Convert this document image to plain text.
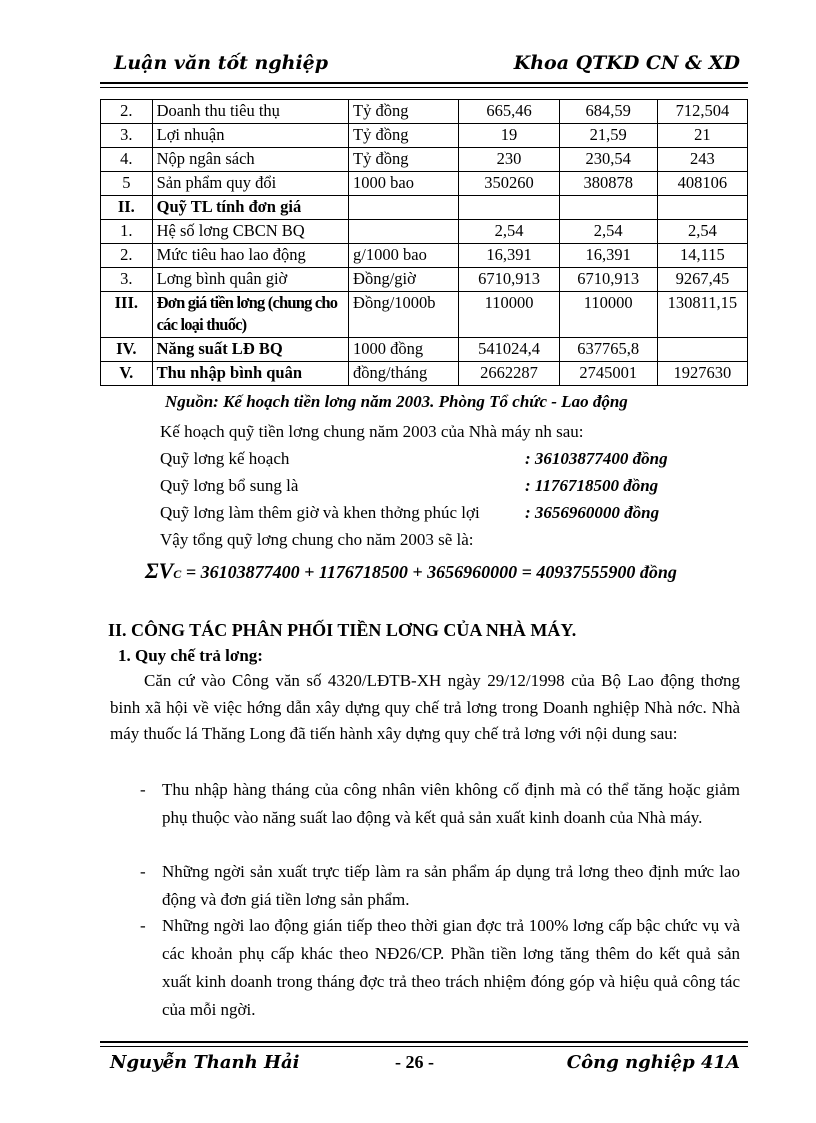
Luận văn tốt nghiệp	Khoa QTKD CN & XD
2.	Doanh thu tiêu thụ	Tỷ đồng	665,46	684,59	712,504
3.	Lợi nhuận	Tỷ đồng	19	21,59	21
4.	Nộp ngân sách	Tỷ đồng	230	230,54	243
5	Sản phẩm quy đổi	1000 bao	350260	380878	408106
II.	Quỹ TL tính đơn giá				
1.	Hệ số lơng CBCN BQ		2,54	2,54	2,54
2.	Mức tiêu hao lao động	g/1000 bao	16,391	16,391	14,115
3.	Lơng bình quân giờ	Đồng/giờ	6710,913	6710,913	9267,45
III.	Đơn giá tiền lơng (chung cho các loại thuốc)	Đồng/1000b	110000	110000	130811,15
IV.	Năng suất LĐ BQ	1000 đồng	541024,4	637765,8	
V.	Thu nhập bình quân	đồng/tháng	2662287	2745001	1927630
Nguồn: Kế hoạch tiền lơng năm 2003. Phòng Tổ chức - Lao động
Kế hoạch quỹ tiền lơng chung năm 2003 của Nhà máy nh sau:
Quỹ lơng kế hoạch	: 36103877400 đồng
Quỹ lơng bổ sung là	: 1176718500 đồng
Quỹ lơng làm thêm giờ và khen thởng phúc lợi	: 3656960000 đồng
Vậy tổng quỹ lơng chung cho năm 2003 sẽ là:
ΣVC = 36103877400 + 1176718500 + 3656960000 = 40937555900 đồng
II. CÔNG TÁC PHÂN PHỐI TIỀN LƠNG CỦA NHÀ MÁY.
1. Quy chế trả lơng:
Căn cứ vào Công văn số 4320/LĐTB-XH ngày 29/12/1998 của Bộ Lao động thơng binh xã hội về việc hớng dẫn xây dựng quy chế trả lơng trong Doanh nghiệp Nhà nớc. Nhà máy thuốc lá Thăng Long đã tiến hành xây dựng quy chế trả lơng với nội dung sau:
- Thu nhập hàng tháng của công nhân viên không cố định mà có thể tăng hoặc giảm phụ thuộc vào năng suất lao động và kết quả sản xuất kinh doanh của Nhà máy.
- Những ngời sản xuất trực tiếp làm ra sản phẩm áp dụng trả lơng theo định mức lao động và đơn giá tiền lơng sản phẩm.
- Những ngời lao động gián tiếp theo thời gian đợc trả 100% lơng cấp bậc chức vụ và các khoản phụ cấp khác theo NĐ26/CP. Phần tiền lơng tăng thêm do kết quả sản xuất kinh doanh trong tháng đợc trả theo trách nhiệm đóng góp và hiệu quả công tác của mỗi ngời.
Nguyễn Thanh Hải	- 26 -	Công nghiệp 41A
